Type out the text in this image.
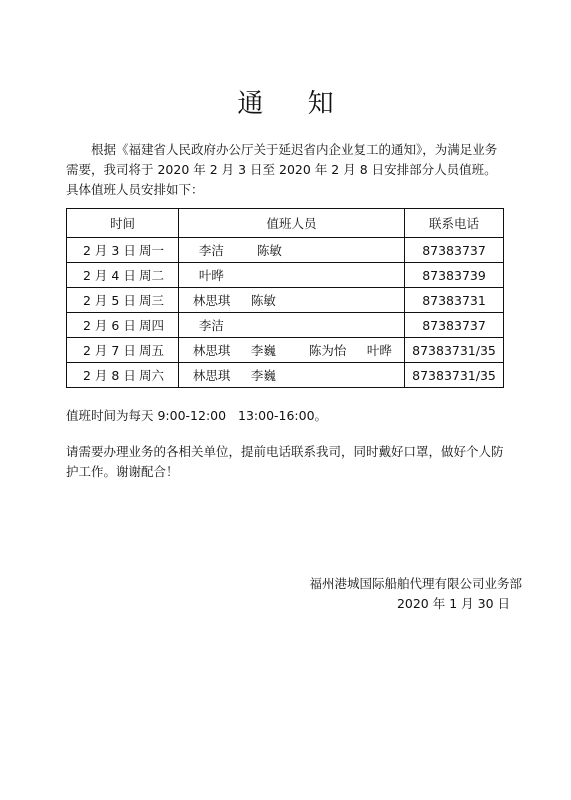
通 知

根据《福建省人民政府办公厅关于延迟省内企业复工的通知》，为满足业务需要，我司将于 2020 年 2 月 3 日至 2020 年 2 月 8 日安排部分人员值班。具体值班人员安排如下：

时间	值班人员	联系电话
2 月 3 日 周一	李洁 陈敏	87383737
2 月 4 日 周二	叶晔	87383739
2 月 5 日 周三	林思琪 陈敏	87383731
2 月 6 日 周四	李洁	87383737
2 月 7 日 周五	林思琪 李巍 陈为怡 叶晔	87383731/35
2 月 8 日 周六	林思琪 李巍	87383731/35

值班时间为每天 9:00-12:00   13:00-16:00。

请需要办理业务的各相关单位，提前电话联系我司，同时戴好口罩，做好个人防护工作。谢谢配合！

福州港城国际船舶代理有限公司业务部

2020 年 1 月 30 日
